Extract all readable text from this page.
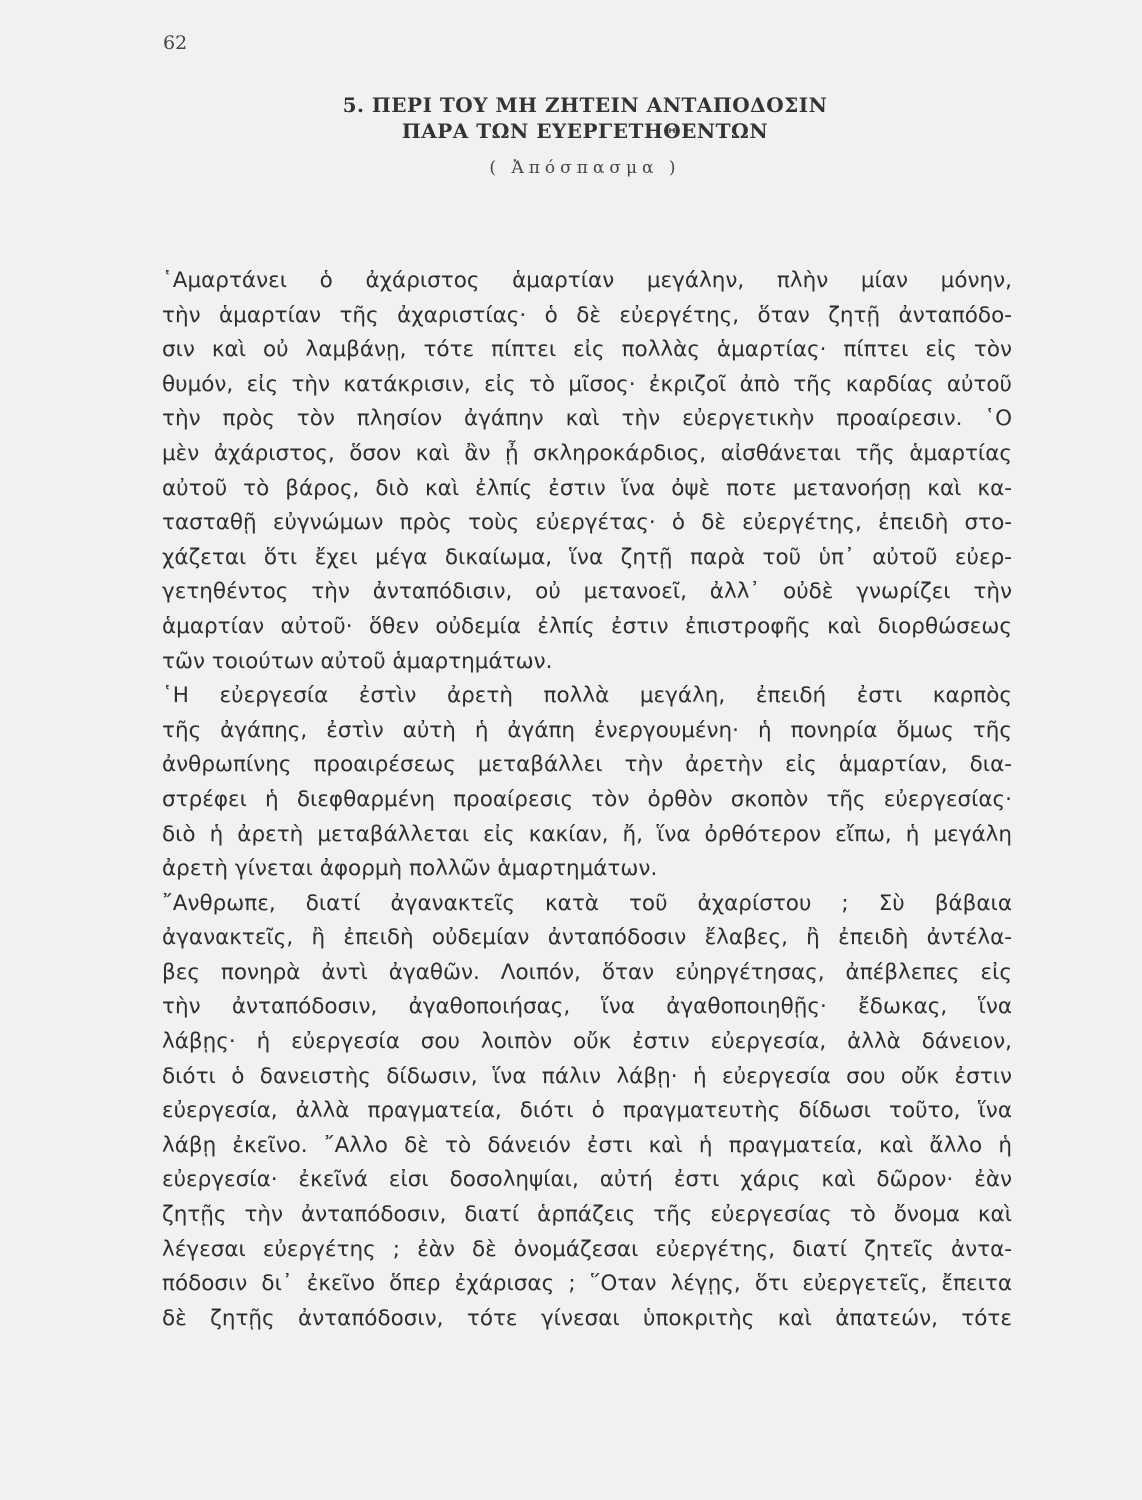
62
5. ΠΕΡΙ ΤΟΥ ΜΗ ΖΗΤΕΙΝ ΑΝΤΑΠΟΔΟΣΙΝ
ΠΑΡΑ ΤΩΝ ΕΥΕΡΓΕΤΗΘΕΝΤΩΝ
( Ἀπόσπασμα )

῾Αμαρτάνει ὁ ἀχάριστος ἁμαρτίαν μεγάλην, πλὴν μίαν μόνην,
τὴν ἁμαρτίαν τῆς ἀχαριστίας· ὁ δὲ εὐεργέτης, ὅταν ζητῇ ἀνταπόδο-
σιν καὶ οὐ λαμβάνῃ, τότε πίπτει εἰς πολλὰς ἁμαρτίας· πίπτει εἰς τὸν
θυμόν, εἰς τὴν κατάκρισιν, εἰς τὸ μῖσος· ἐκριζοῖ ἀπὸ τῆς καρδίας αὐτοῦ
τὴν πρὸς τὸν πλησίον ἀγάπην καὶ τὴν εὐεργετικὴν προαίρεσιν. ῾Ο
μὲν ἀχάριστος, ὅσον καὶ ἂν ᾖ σκληροκάρδιος, αἰσθάνεται τῆς ἁμαρτίας
αὐτοῦ τὸ βάρος, διὸ καὶ ἐλπίς ἐστιν ἵνα ὀψὲ ποτε μετανοήσῃ καὶ κα-
τασταθῇ εὐγνώμων πρὸς τοὺς εὐεργέτας· ὁ δὲ εὐεργέτης, ἐπειδὴ στο-
χάζεται ὅτι ἔχει μέγα δικαίωμα, ἵνα ζητῇ παρὰ τοῦ ὑπ᾿ αὐτοῦ εὐερ-
γετηθέντος τὴν ἀνταπόδισιν, οὐ μετανοεῖ, ἀλλ᾿ οὐδὲ γνωρίζει τὴν
ἁμαρτίαν αὐτοῦ· ὅθεν οὐδεμία ἐλπίς ἐστιν ἐπιστροφῆς καὶ διορθώσεως
τῶν τοιούτων αὐτοῦ ἁμαρτημάτων.

῾Η εὐεργεσία ἐστὶν ἀρετὴ πολλὰ μεγάλη, ἐπειδή ἐστι καρπὸς
τῆς ἀγάπης, ἐστὶν αὐτὴ ἡ ἀγάπη ἐνεργουμένη· ἡ πονηρία ὅμως τῆς
ἀνθρωπίνης προαιρέσεως μεταβάλλει τὴν ἀρετὴν εἰς ἁμαρτίαν, δια-
στρέφει ἡ διεφθαρμένη προαίρεσις τὸν ὀρθὸν σκοπὸν τῆς εὐεργεσίας·
διὸ ἡ ἀρετὴ μεταβάλλεται εἰς κακίαν, ἤ, ἵνα ὀρθότερον εἴπω, ἡ μεγάλη
ἀρετὴ γίνεται ἀφορμὴ πολλῶν ἁμαρτημάτων.

῎Ανθρωπε, διατί ἀγανακτεῖς κατὰ τοῦ ἀχαρίστου ; Σὺ βάβαια
ἀγανακτεῖς, ἢ ἐπειδὴ οὐδεμίαν ἀνταπόδοσιν ἔλαβες, ἢ ἐπειδὴ ἀντέλα-
βες πονηρὰ ἀντὶ ἀγαθῶν. Λοιπόν, ὅταν εὐηργέτησας, ἀπέβλεπες εἰς
τὴν ἀνταπόδοσιν, ἀγαθοποιήσας, ἵνα ἀγαθοποιηθῇς· ἔδωκας, ἵνα
λάβῃς· ἡ εὐεργεσία σου λοιπὸν οὔκ ἐστιν εὐεργεσία, ἀλλὰ δάνειον,
διότι ὁ δανειστὴς δίδωσιν, ἵνα πάλιν λάβῃ· ἡ εὐεργεσία σου οὔκ ἐστιν
εὐεργεσία, ἀλλὰ πραγματεία, διότι ὁ πραγματευτὴς δίδωσι τοῦτο, ἵνα
λάβῃ ἐκεῖνο. ῎Αλλο δὲ τὸ δάνειόν ἐστι καὶ ἡ πραγματεία, καὶ ἄλλο ἡ
εὐεργεσία· ἐκεῖνά εἰσι δοσοληψίαι, αὐτή ἐστι χάρις καὶ δῶρον· ἐὰν
ζητῇς τὴν ἀνταπόδοσιν, διατί ἁρπάζεις τῆς εὐεργεσίας τὸ ὄνομα καὶ
λέγεσαι εὐεργέτης ; ἐὰν δὲ ὀνομάζεσαι εὐεργέτης, διατί ζητεῖς ἀντα-
πόδοσιν δι᾿ ἐκεῖνο ὅπερ ἐχάρισας ; ῞Οταν λέγῃς, ὅτι εὐεργετεῖς, ἔπειτα
δὲ ζητῇς ἀνταπόδοσιν, τότε γίνεσαι ὑποκριτὴς καὶ ἀπατεών, τότε
